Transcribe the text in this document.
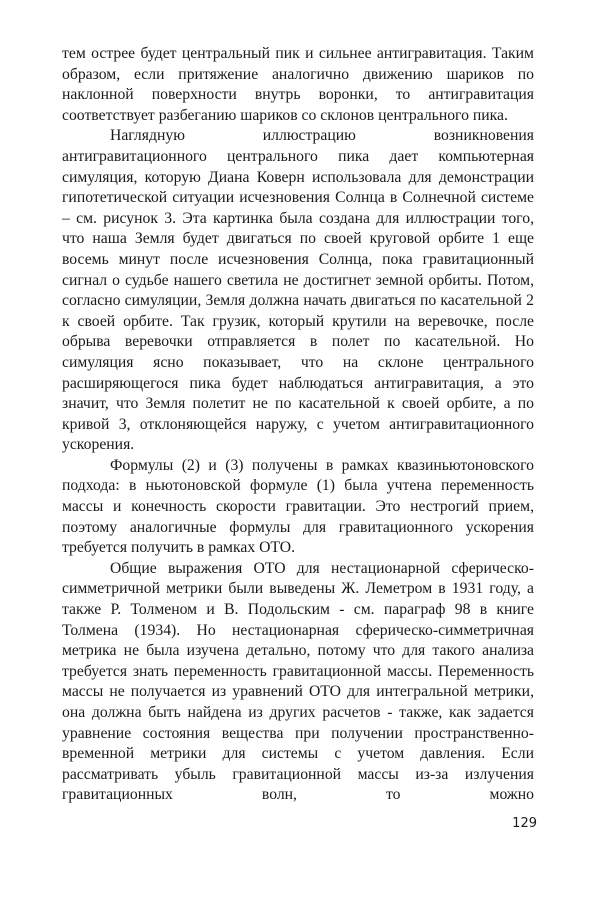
тем острее будет центральный пик и сильнее антигравитация. Таким образом, если притяжение аналогично движению шариков по наклонной поверхности внутрь воронки, то антигравитация соответствует разбеганию шариков со склонов центрального пика.

Наглядную иллюстрацию возникновения антигравитационного центрального пика дает компьютерная симуляция, которую Диана Коверн использовала для демонстрации гипотетической ситуации исчезновения Солнца в Солнечной системе – см. рисунок 3. Эта картинка была создана для иллюстрации того, что наша Земля будет двигаться по своей круговой орбите 1 еще восемь минут после исчезновения Солнца, пока гравитационный сигнал о судьбе нашего светила не достигнет земной орбиты. Потом, согласно симуляции, Земля должна начать двигаться по касательной 2 к своей орбите. Так грузик, который крутили на веревочке, после обрыва веревочки отправляется в полет по касательной. Но симуляция ясно показывает, что на склоне центрального расширяющегося пика будет наблюдаться антигравитация, а это значит, что Земля полетит не по касательной к своей орбите, а по кривой 3, отклоняющейся наружу, с учетом антигравитационного ускорения.

Формулы (2) и (3) получены в рамках квазиньютоновского подхода: в ньютоновской формуле (1) была учтена переменность массы и конечность скорости гравитации. Это нестрогий прием, поэтому аналогичные формулы для гравитационного ускорения требуется получить в рамках ОТО.

Общие выражения ОТО для нестационарной сферическо-симметричной метрики были выведены Ж. Леметром в 1931 году, а также Р. Толменом и В. Подольским - см. параграф 98 в книге Толмена (1934). Но нестационарная сферическо-симметричная метрика не была изучена детально, потому что для такого анализа требуется знать переменность гравитационной массы. Переменность массы не получается из уравнений ОТО для интегральной метрики, она должна быть найдена из других расчетов - также, как задается уравнение состояния вещества при получении пространственно-временной метрики для системы с учетом давления. Если рассматривать убыль гравитационной массы из-за излучения гравитационных волн, то можно

129
